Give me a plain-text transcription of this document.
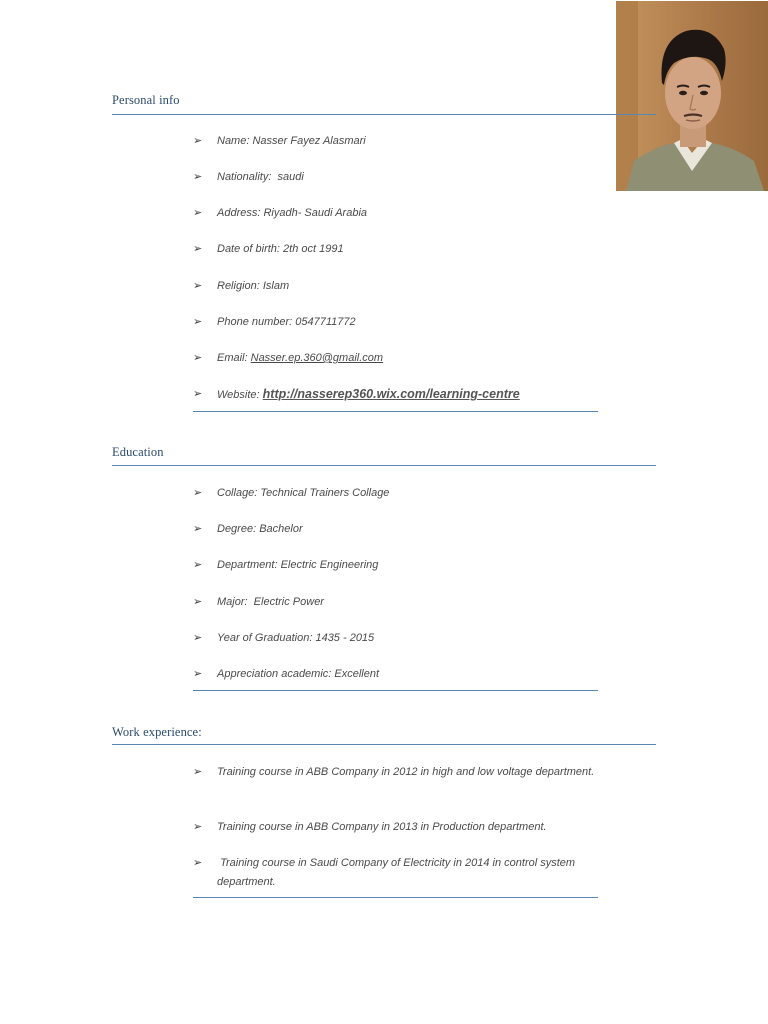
Personal info
➢ Name: Nasser Fayez Alasmari
➢ Nationality:  saudi
➢ Address: Riyadh- Saudi Arabia
➢ Date of birth: 2th oct 1991
➢ Religion: Islam
➢ Phone number: 0547711772
➢ Email: Nasser.ep.360@gmail.com
➢ Website: http://nasserep360.wix.com/learning-centre
Education
➢ Collage: Technical Trainers Collage
➢ Degree: Bachelor
➢ Department: Electric Engineering
➢ Major:  Electric Power
➢ Year of Graduation: 1435 - 2015
➢ Appreciation academic: Excellent
Work experience:
➢ Training course in ABB Company in 2012 in high and low voltage department.
➢ Training course in ABB Company in 2013 in Production department.
➢ Training course in Saudi Company of Electricity in 2014 in control system department.
